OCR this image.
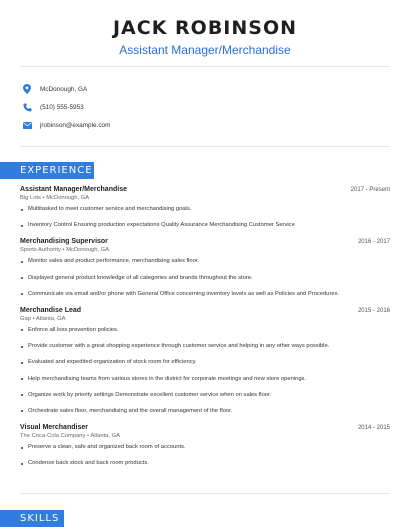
JACK ROBINSON
Assistant Manager/Merchandise
McDonough, GA
(510) 555-5953
jrobinson@example.com
EXPERIENCE
Assistant Manager/Merchandise	2017 - Present
Big Lots • McDonough, GA
Multitasked to meet customer service and merchandising goals.
Inventory Control Ensuring production expectations Quality Assurance Merchandising Customer Service
Merchandising Supervisor	2016 - 2017
Sports Authority • McDonough, GA
Monitor sales and product performance, merchandising sales floor.
Displayed general product knowledge of all categories and brands throughout the store.
Communicate via email and/or phone with General Office concerning inventory levels as well as Policies and Procedures.
Merchandise Lead	2015 - 2016
Gap • Atlanta, GA
Enforce all loss prevention policies.
Provide customer with a great shopping experience through customer service and helping in any other ways possible.
Evaluated and expedited organization of stock room for efficiency.
Help merchandising teams from various stores in the district for corporate meetings and new store openings.
Organize work by priority settings Demonstrate excellent customer service when on sales floor.
Orchestrate sales floor, merchandising and the overall management of the floor.
Visual Merchandiser	2014 - 2015
The Coca-Cola Company • Atlanta, GA
Preserve a clean, safe and organized back room of accounts.
Condense back stock and back room products.
SKILLS
